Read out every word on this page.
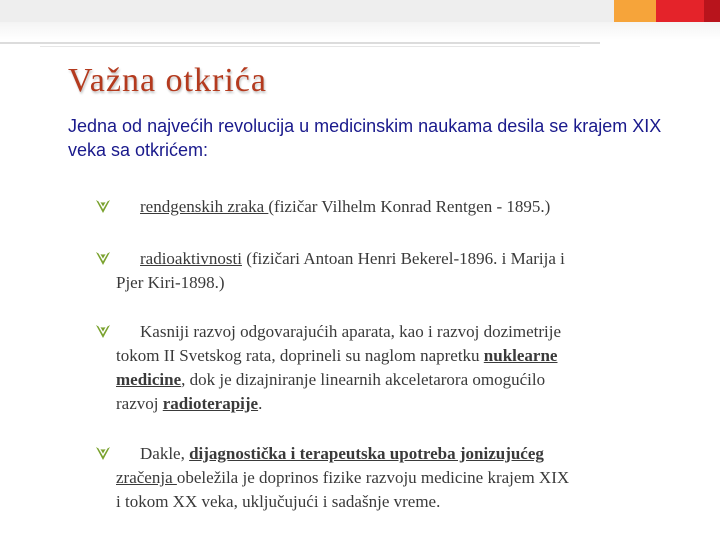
Važna otkrića
Jedna od najvećih revolucija u medicinskim naukama desila se krajem XIX veka sa otkrićem:
rendgenskih zraka (fizičar Vilhelm Konrad Rentgen - 1895.)
radioaktivnosti (fizičari Antoan Henri Bekerel-1896. i Marija i
Pjer Kiri-1898.)
Kasniji razvoj odgovarajućih aparata, kao i razvoj dozimetrije
tokom II Svetskog rata, doprineli su naglom napretku nuklearne
medicine, dok je dizajniranje linearnih akceletarora omogućilo
razvoj radioterapije.
Dakle, dijagnostička i terapeutska upotreba jonizujućeg
zračenja obeležila je doprinos fizike razvoju medicine krajem XIX
i tokom XX veka, uključujući i sadašnje vreme.
